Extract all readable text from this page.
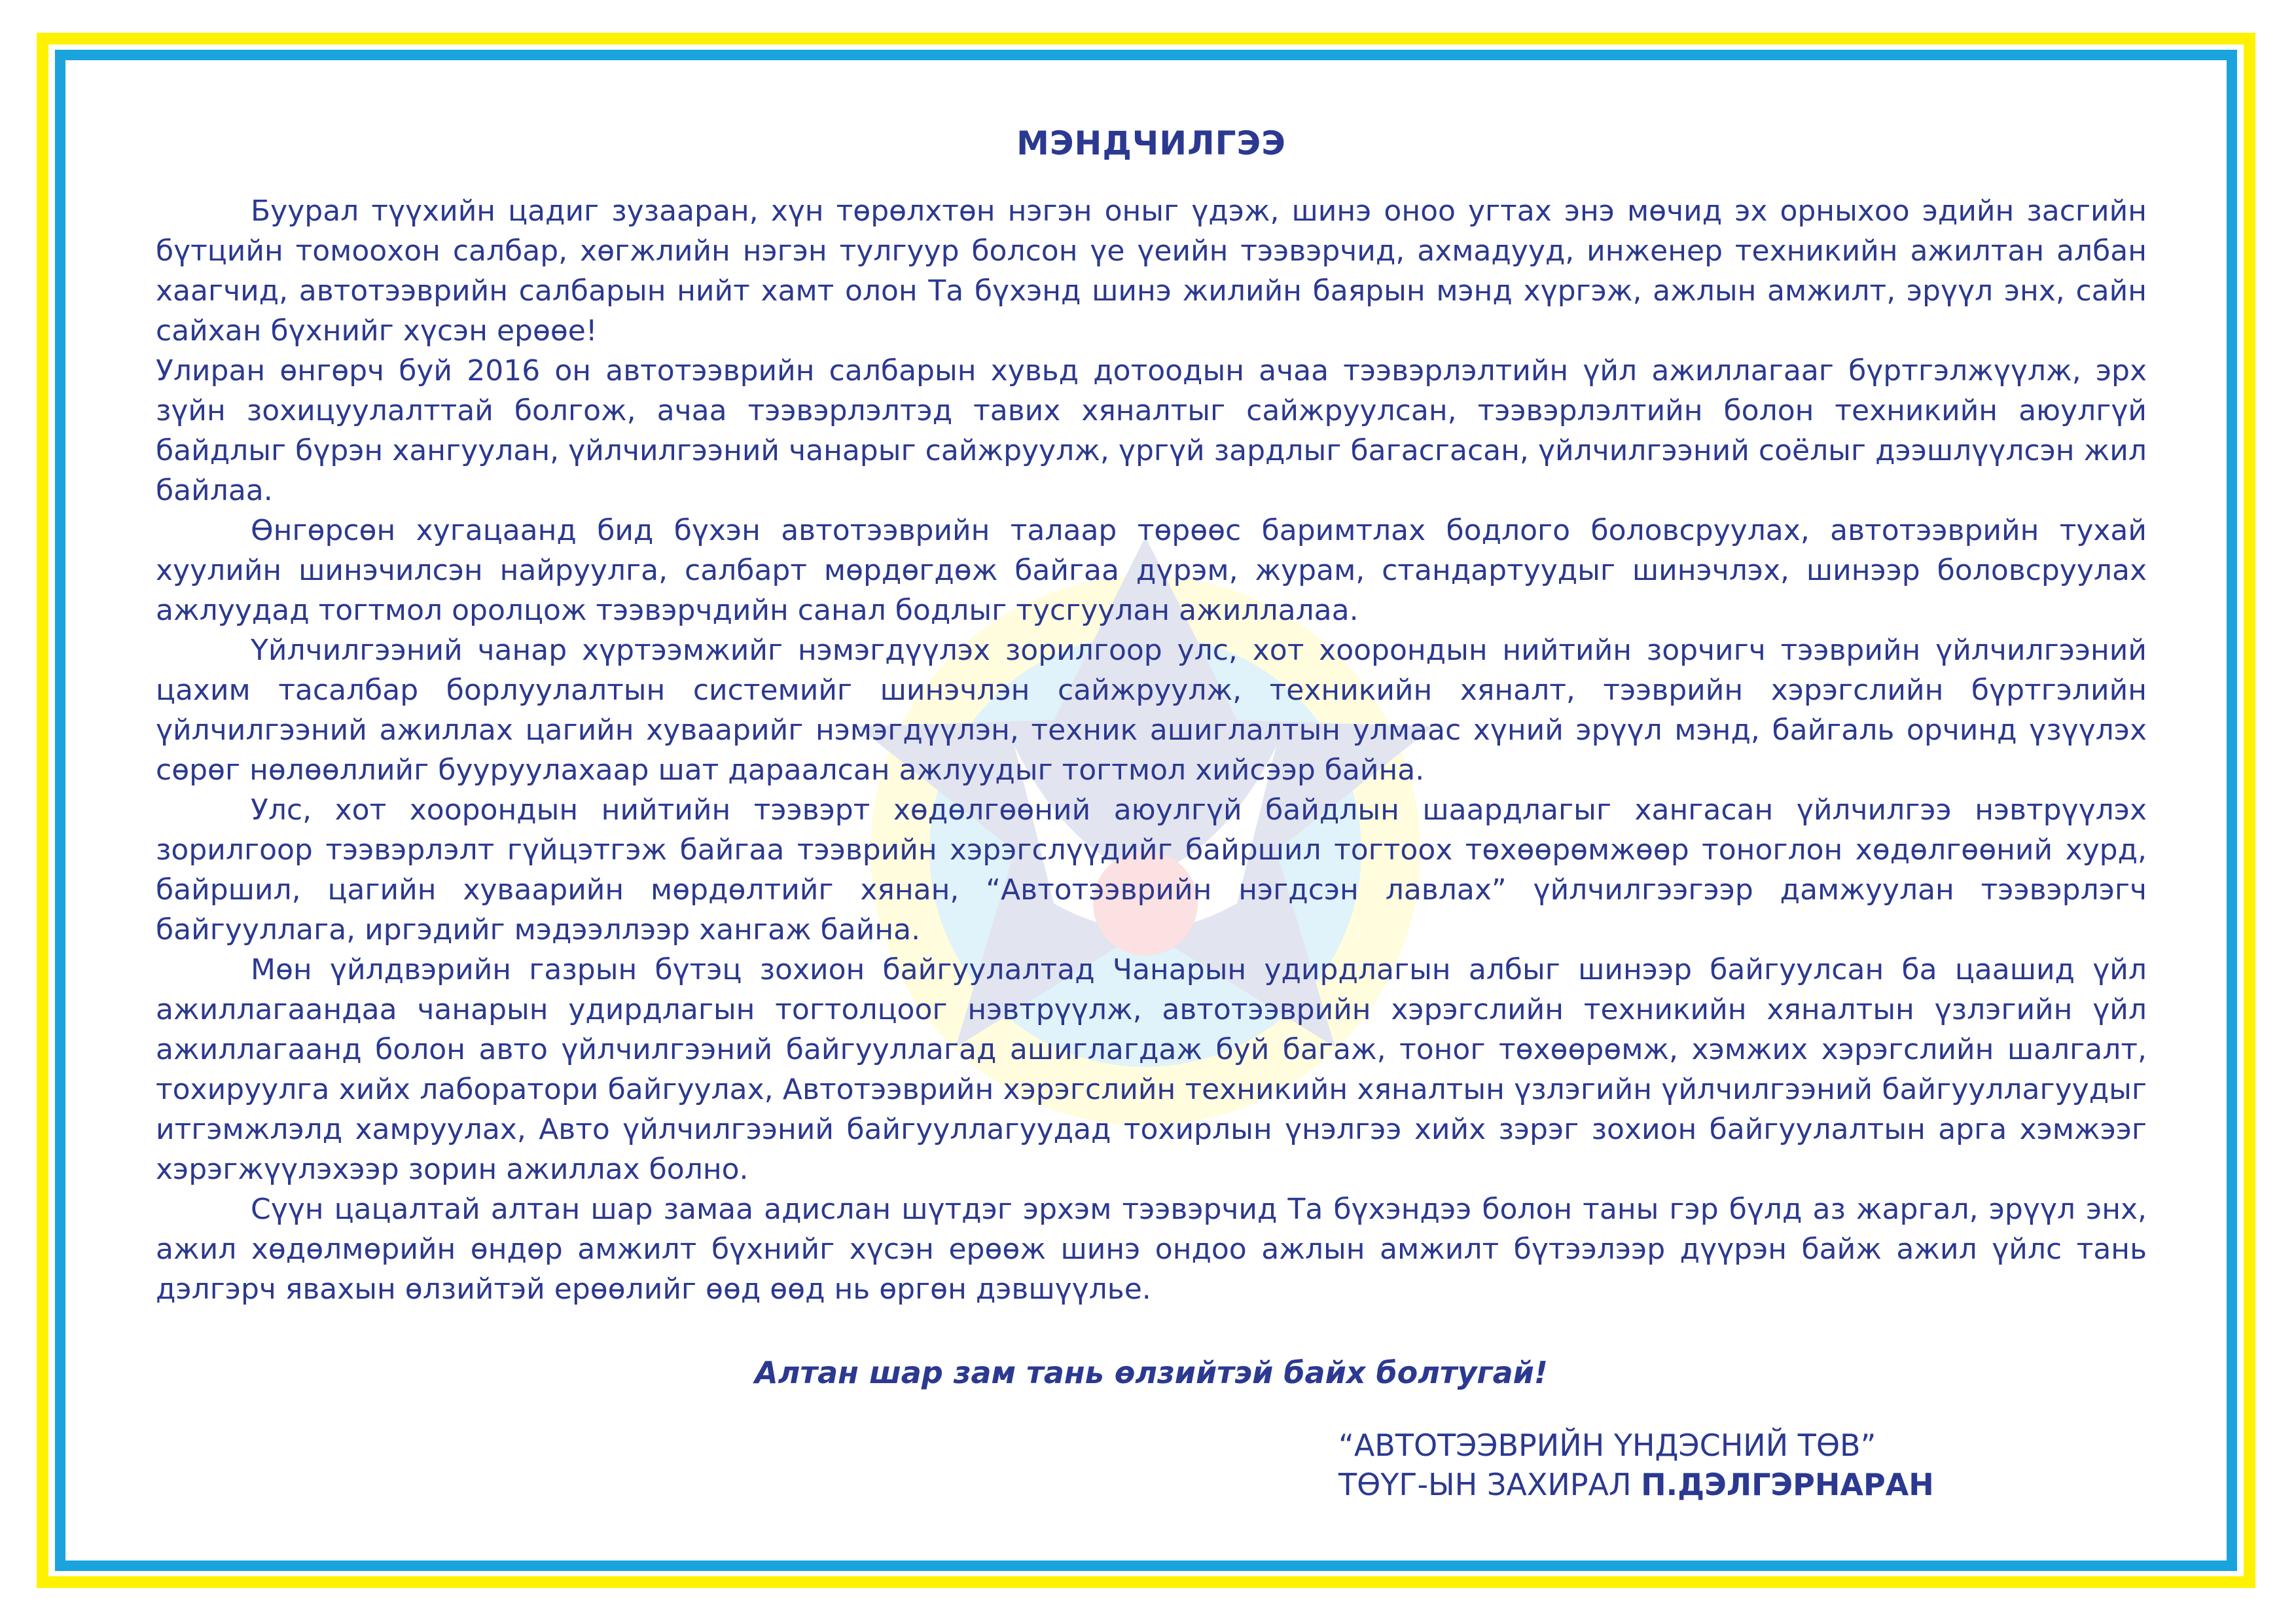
МЭНДЧИЛГЭЭ

Буурал түүхийн цадиг зузааран, хүн төрөлхтөн нэгэн оныг үдэж, шинэ оноо угтах энэ мөчид эх орныхоо эдийн засгийн бүтцийн томоохон салбар, хөгжлийн нэгэн тулгуур болсон үе үеийн тээвэрчид, ахмадууд, инженер техникийн ажилтан албан хаагчид, автотээврийн салбарын нийт хамт олон Та бүхэнд шинэ жилийн баярын мэнд хүргэж, ажлын амжилт, эрүүл энх, сайн сайхан бүхнийг хүсэн ерөөе!

Улиран өнгөрч буй 2016 он автотээврийн салбарын хувьд дотоодын ачаа тээвэрлэлтийн үйл ажиллагааг бүртгэлжүүлж, эрх зүйн зохицуулалттай болгож, ачаа тээвэрлэлтэд тавих хяналтыг сайжруулсан, тээвэрлэлтийн болон техникийн аюулгүй байдлыг бүрэн хангуулан, үйлчилгээний чанарыг сайжруулж, үргүй зардлыг багасгасан, үйлчилгээний соёлыг дээшлүүлсэн жил байлаа.

Өнгөрсөн хугацаанд бид бүхэн автотээврийн талаар төрөөс баримтлах бодлого боловсруулах, автотээврийн тухай хуулийн шинэчилсэн найруулга, салбарт мөрдөгдөж байгаа дүрэм, журам, стандартуудыг шинэчлэх, шинээр боловсруулах ажлуудад тогтмол оролцож тээвэрчдийн санал бодлыг тусгуулан ажиллалаа.

Үйлчилгээний чанар хүртээмжийг нэмэгдүүлэх зорилгоор улс, хот хоорондын нийтийн зорчигч тээврийн үйлчилгээний цахим тасалбар борлуулалтын системийг шинэчлэн сайжруулж, техникийн хяналт, тээврийн хэрэгслийн бүртгэлийн үйлчилгээний ажиллах цагийн хуваарийг нэмэгдүүлэн, техник ашиглалтын улмаас хүний эрүүл мэнд, байгаль орчинд үзүүлэх сөрөг нөлөөллийг бууруулахаар шат дараалсан ажлуудыг тогтмол хийсээр байна.

Улс, хот хоорондын нийтийн тээвэрт хөдөлгөөний аюулгүй байдлын шаардлагыг хангасан үйлчилгээ нэвтрүүлэх зорилгоор тээвэрлэлт гүйцэтгэж байгаа тээврийн хэрэгслүүдийг байршил тогтоох төхөөрөмжөөр тоноглон хөдөлгөөний хурд, байршил, цагийн хуваарийн мөрдөлтийг хянан, “Автотээврийн нэгдсэн лавлах” үйлчилгээгээр дамжуулан тээвэрлэгч байгууллага, иргэдийг мэдээллээр хангаж байна.

Мөн үйлдвэрийн газрын бүтэц зохион байгуулалтад Чанарын удирдлагын албыг шинээр байгуулсан ба цаашид үйл ажиллагаандаа чанарын удирдлагын тогтолцоог нэвтрүүлж, автотээврийн хэрэгслийн техникийн хяналтын үзлэгийн үйл ажиллагаанд болон авто үйлчилгээний байгууллагад ашиглагдаж буй багаж, тоног төхөөрөмж, хэмжих хэрэгслийн шалгалт, тохируулга хийх лаборатори байгуулах, Автотээврийн хэрэгслийн техникийн хяналтын үзлэгийн үйлчилгээний байгууллагуудыг итгэмжлэлд хамруулах, Авто үйлчилгээний байгууллагуудад тохирлын үнэлгээ хийх зэрэг зохион байгуулалтын арга хэмжээг хэрэгжүүлэхээр зорин ажиллах болно.

Сүүн цацалтай алтан шар замаа адислан шүтдэг эрхэм тээвэрчид Та бүхэндээ болон таны гэр бүлд аз жаргал, эрүүл энх, ажил хөдөлмөрийн өндөр амжилт бүхнийг хүсэн ерөөж шинэ ондоо ажлын амжилт бүтээлээр дүүрэн байж ажил үйлс тань дэлгэрч явахын өлзийтэй ерөөлийг өөд өөд нь өргөн дэвшүүлье.

Алтан шар зам тань өлзийтэй байх болтугай!
“АВТОТЭЭВРИЙН ҮНДЭСНИЙ ТӨВ”
ТӨҮГ-ЫН ЗАХИРАЛ П.ДЭЛГЭРНАРАН
